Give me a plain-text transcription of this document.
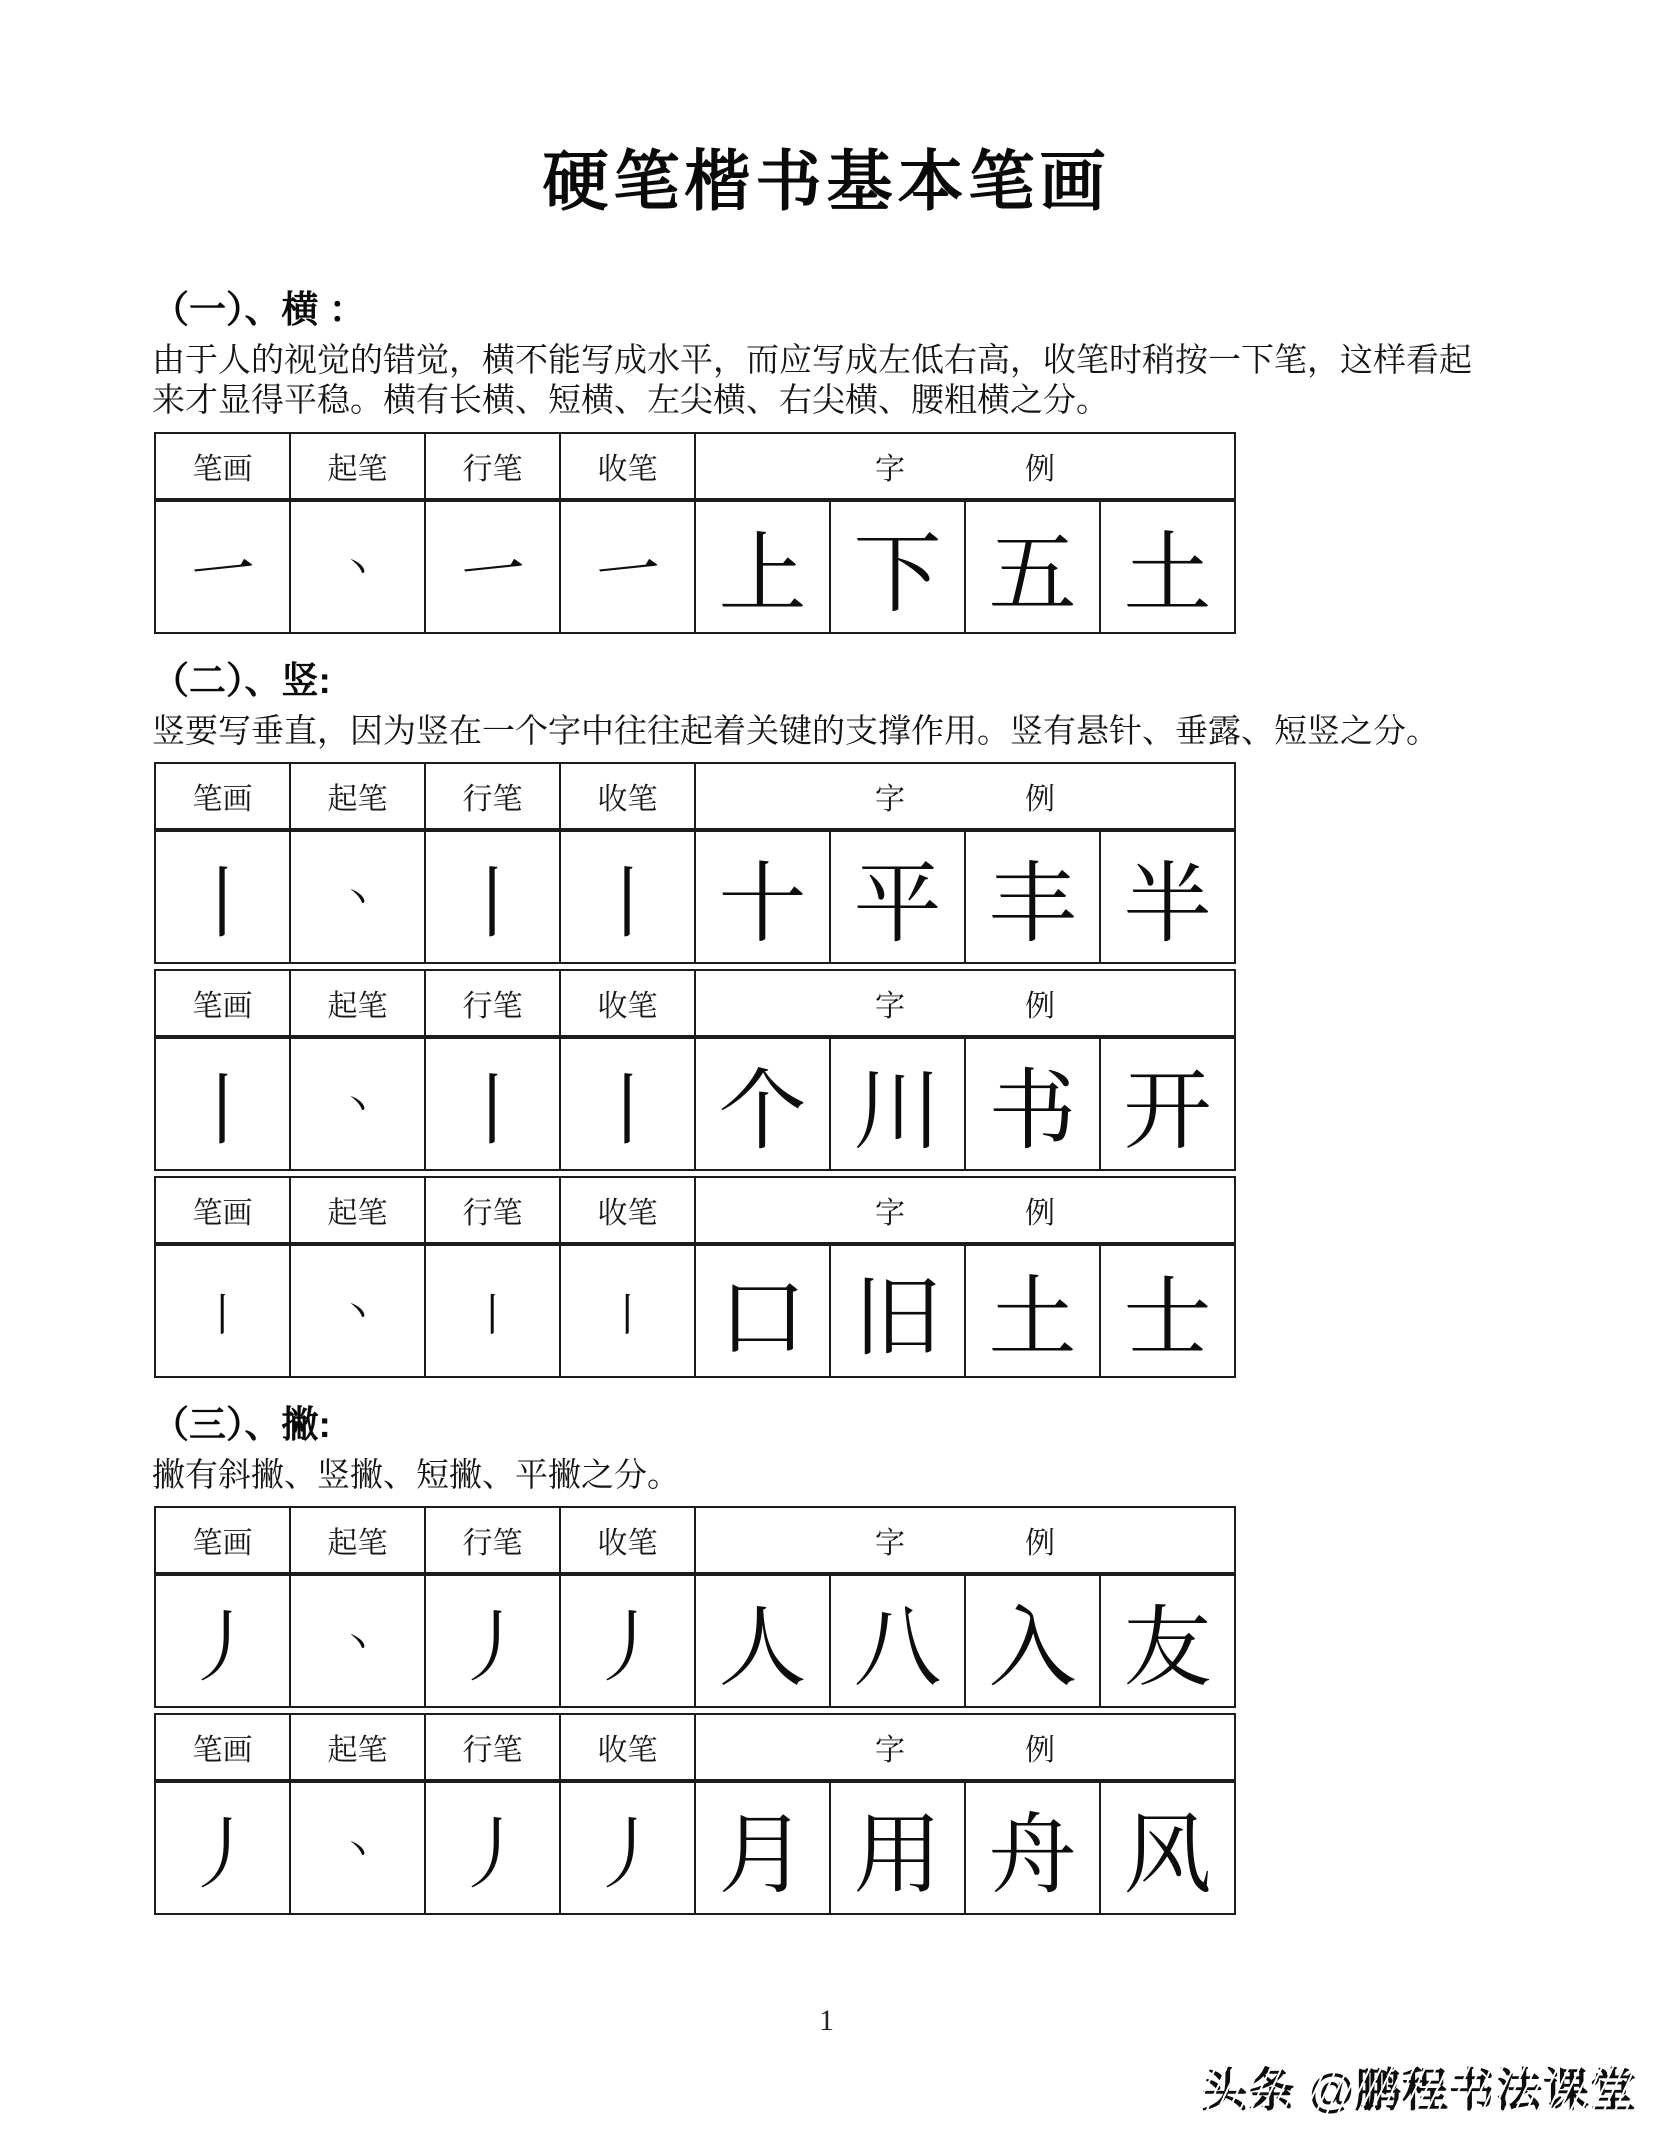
硬笔楷书基本笔画
（一）、横 ：

由于人的视觉的错觉，横不能写成水平，而应写成左低右高，收笔时稍按一下笔，这样看起来才显得平稳。横有长横、短横、左尖横、右尖横、腰粗横之分。

笔画	起笔	行笔	收笔	字　　　　例			
一	丶	一	一	上	下	五	土
（二）、竖:

竖要写垂直，因为竖在一个字中往往起着关键的支撑作用。竖有悬针、垂露、短竖之分。

笔画	起笔	行笔	收笔	字　　　　例			
丨	丶	丨	丨	十	平	丰	半
笔画	起笔	行笔	收笔	字　　　　例			
丨	丶	丨	丨	个	川	书	开
笔画	起笔	行笔	收笔	字　　　　例			
丨	丶	丨	丨	口	旧	土	士
（三）、撇:

撇有斜撇、竖撇、短撇、平撇之分。

笔画	起笔	行笔	收笔	字　　　　例			
丿	丶	丿	丿	人	八	入	友
笔画	起笔	行笔	收笔	字　　　　例			
丿	丶	丿	丿	月	用	舟	风
1
头条 @鹏程书法课堂
